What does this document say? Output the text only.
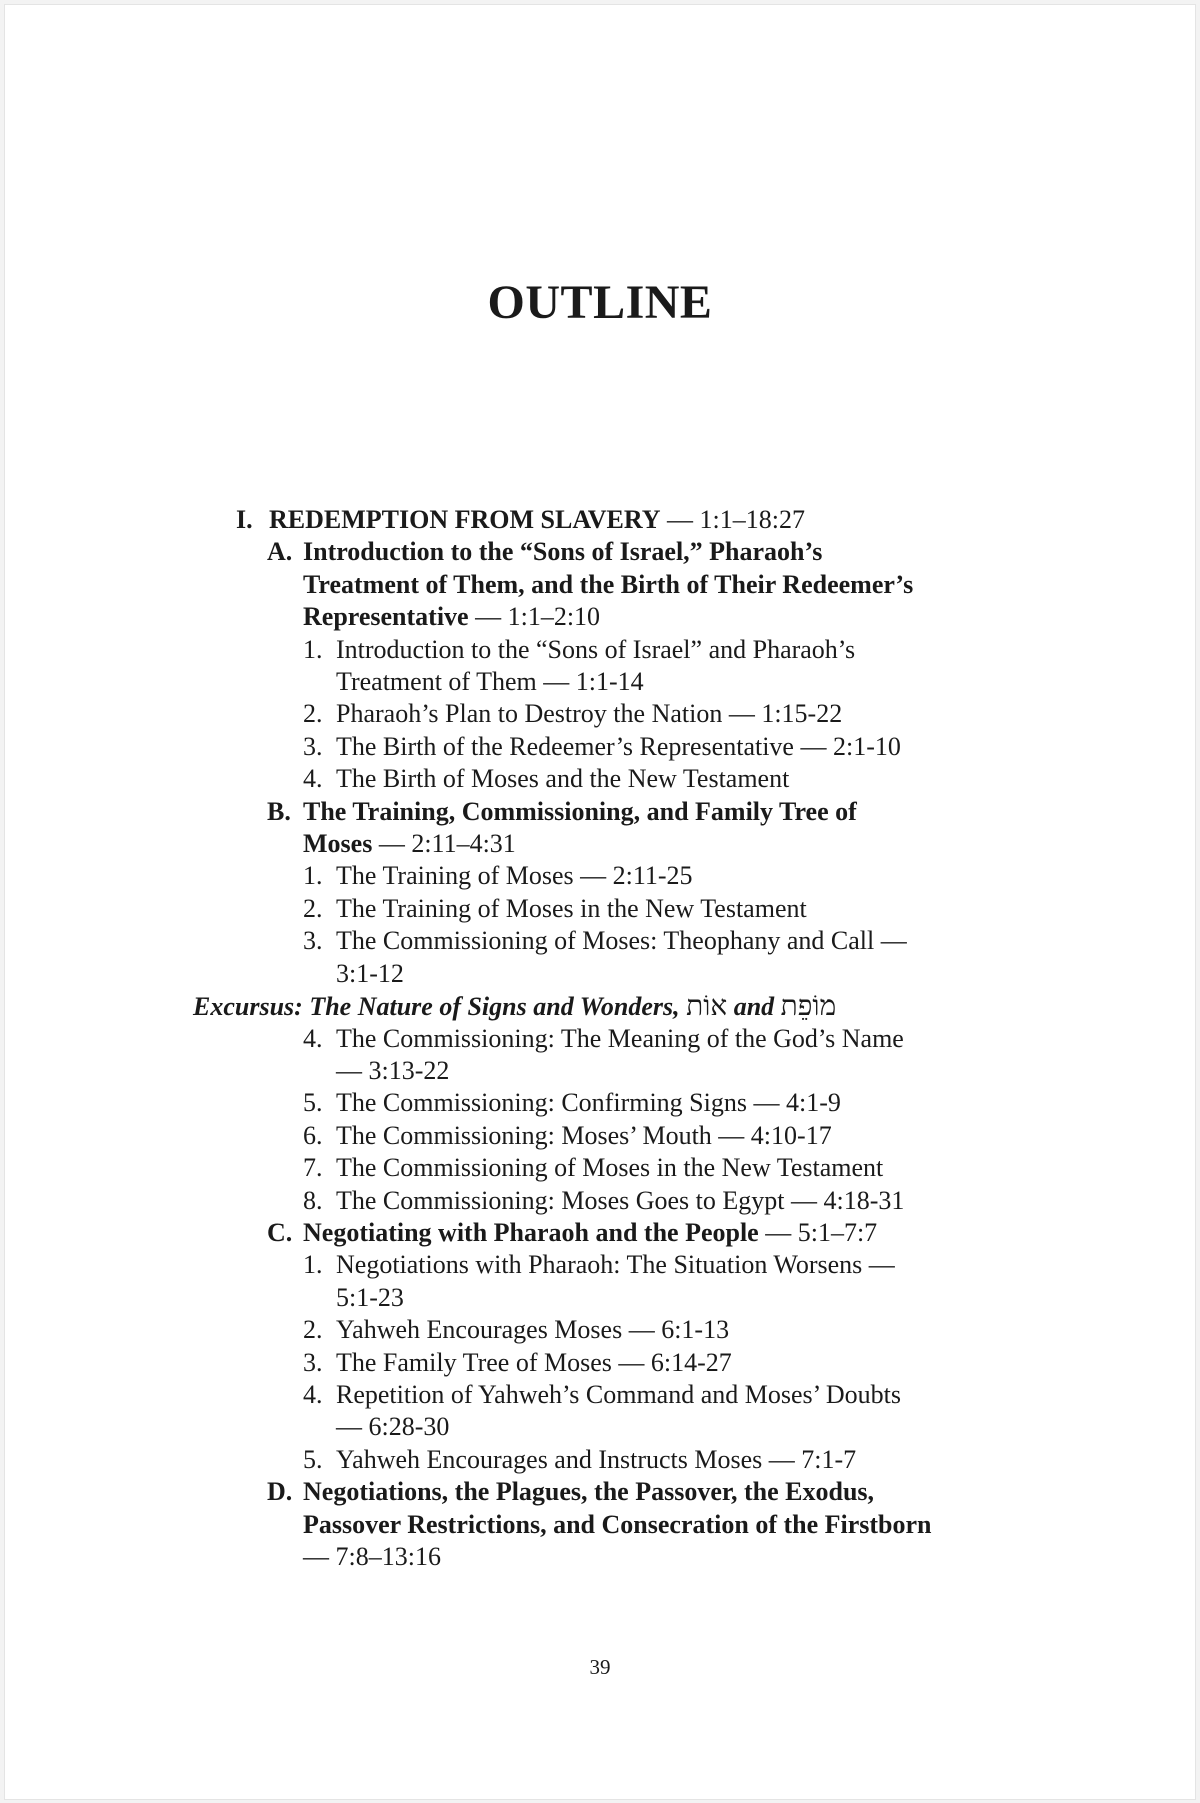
OUTLINE
I. REDEMPTION FROM SLAVERY — 1:1–18:27

A. Introduction to the “Sons of Israel,” Pharaoh’s

Treatment of Them, and the Birth of Their Redeemer’s

Representative — 1:1–2:10

1. Introduction to the “Sons of Israel” and Pharaoh’s

Treatment of Them — 1:1-14

2. Pharaoh’s Plan to Destroy the Nation — 1:15-22

3. The Birth of the Redeemer’s Representative — 2:1-10

4. The Birth of Moses and the New Testament

B. The Training, Commissioning, and Family Tree of

Moses — 2:11–4:31

1. The Training of Moses — 2:11-25

2. The Training of Moses in the New Testament

3. The Commissioning of Moses: Theophany and Call —

3:1-12

Excursus: The Nature of Signs and Wonders, אוֹת and מוֹפֵת

4. The Commissioning: The Meaning of the God’s Name

— 3:13-22

5. The Commissioning: Confirming Signs — 4:1-9

6. The Commissioning: Moses’ Mouth — 4:10-17

7. The Commissioning of Moses in the New Testament

8. The Commissioning: Moses Goes to Egypt — 4:18-31

C. Negotiating with Pharaoh and the People — 5:1–7:7

1. Negotiations with Pharaoh: The Situation Worsens —

5:1-23

2. Yahweh Encourages Moses — 6:1-13

3. The Family Tree of Moses — 6:14-27

4. Repetition of Yahweh’s Command and Moses’ Doubts

— 6:28-30

5. Yahweh Encourages and Instructs Moses — 7:1-7

D. Negotiations, the Plagues, the Passover, the Exodus,

Passover Restrictions, and Consecration of the Firstborn

— 7:8–13:16

39
